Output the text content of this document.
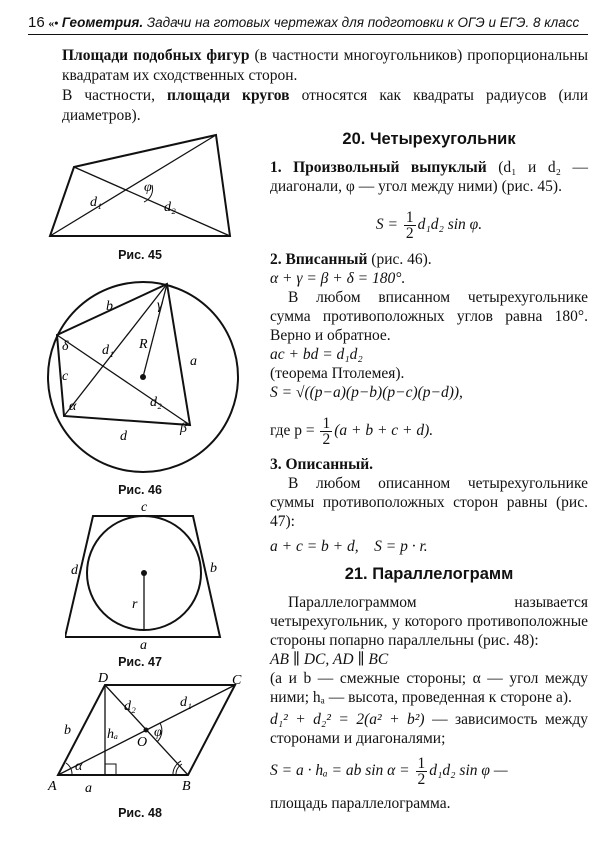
16 «• Геометрия. Задачи на готовых чертежах для подготовки к ОГЭ и ЕГЭ. 8 класс

Площади подобных фигур (в частности многоугольников) пропорциональны квадратам их сходственных сторон.

В частности, площади кругов относятся как квадраты радиусов (или диаметров).

20. Четырехугольник

1. Произвольный выпуклый (d₁ и d₂ — диагонали, φ — угол между ними) (рис. 45).

$S = \frac{1}{2} d_1d_2$ sin φ.

2. Вписанный (рис. 46).

α + γ = β + δ = 180°.

В любом вписанном четырехугольнике сумма противоположных углов равна 180°. Верно и обратное.

ac + bd = d₁d₂

(теорема Птолемея).

S = √((p−a)(p−b)(p−c)(p−d)),

где $p = \frac{1}{2} (a + b + c + d)$.

3. Описанный.

В любом описанном четырехугольнике суммы противоположных сторон равны (рис. 47):

a + c = b + d,    S = p · r.

21. Параллелограмм

Параллелограммом называется четырехугольник, у которого противоположные стороны попарно параллельны (рис. 48):

AB ∥ DC, AD ∥ BC

(a и b — смежные стороны; α — угол между ними; hₐ — высота, проведенная к стороне a).

d₁² + d₂² = 2(a² + b²) — зависимость между сторонами и диагоналями;

S = a · hₐ = ab $\sin \alpha = \frac{1}{2} d_1d_2$ sin φ —
площадь параллелограмма.
d₁	d₂
φ
Рис. 45
b	γ
δ d₁ R
a
c
α	d₂
β
d
Рис. 46
c
d	b
r
a
Рис. 47
D	C
A	B
d₁
d₂
b	hₐ
O
φ
α
a
Рис. 48
